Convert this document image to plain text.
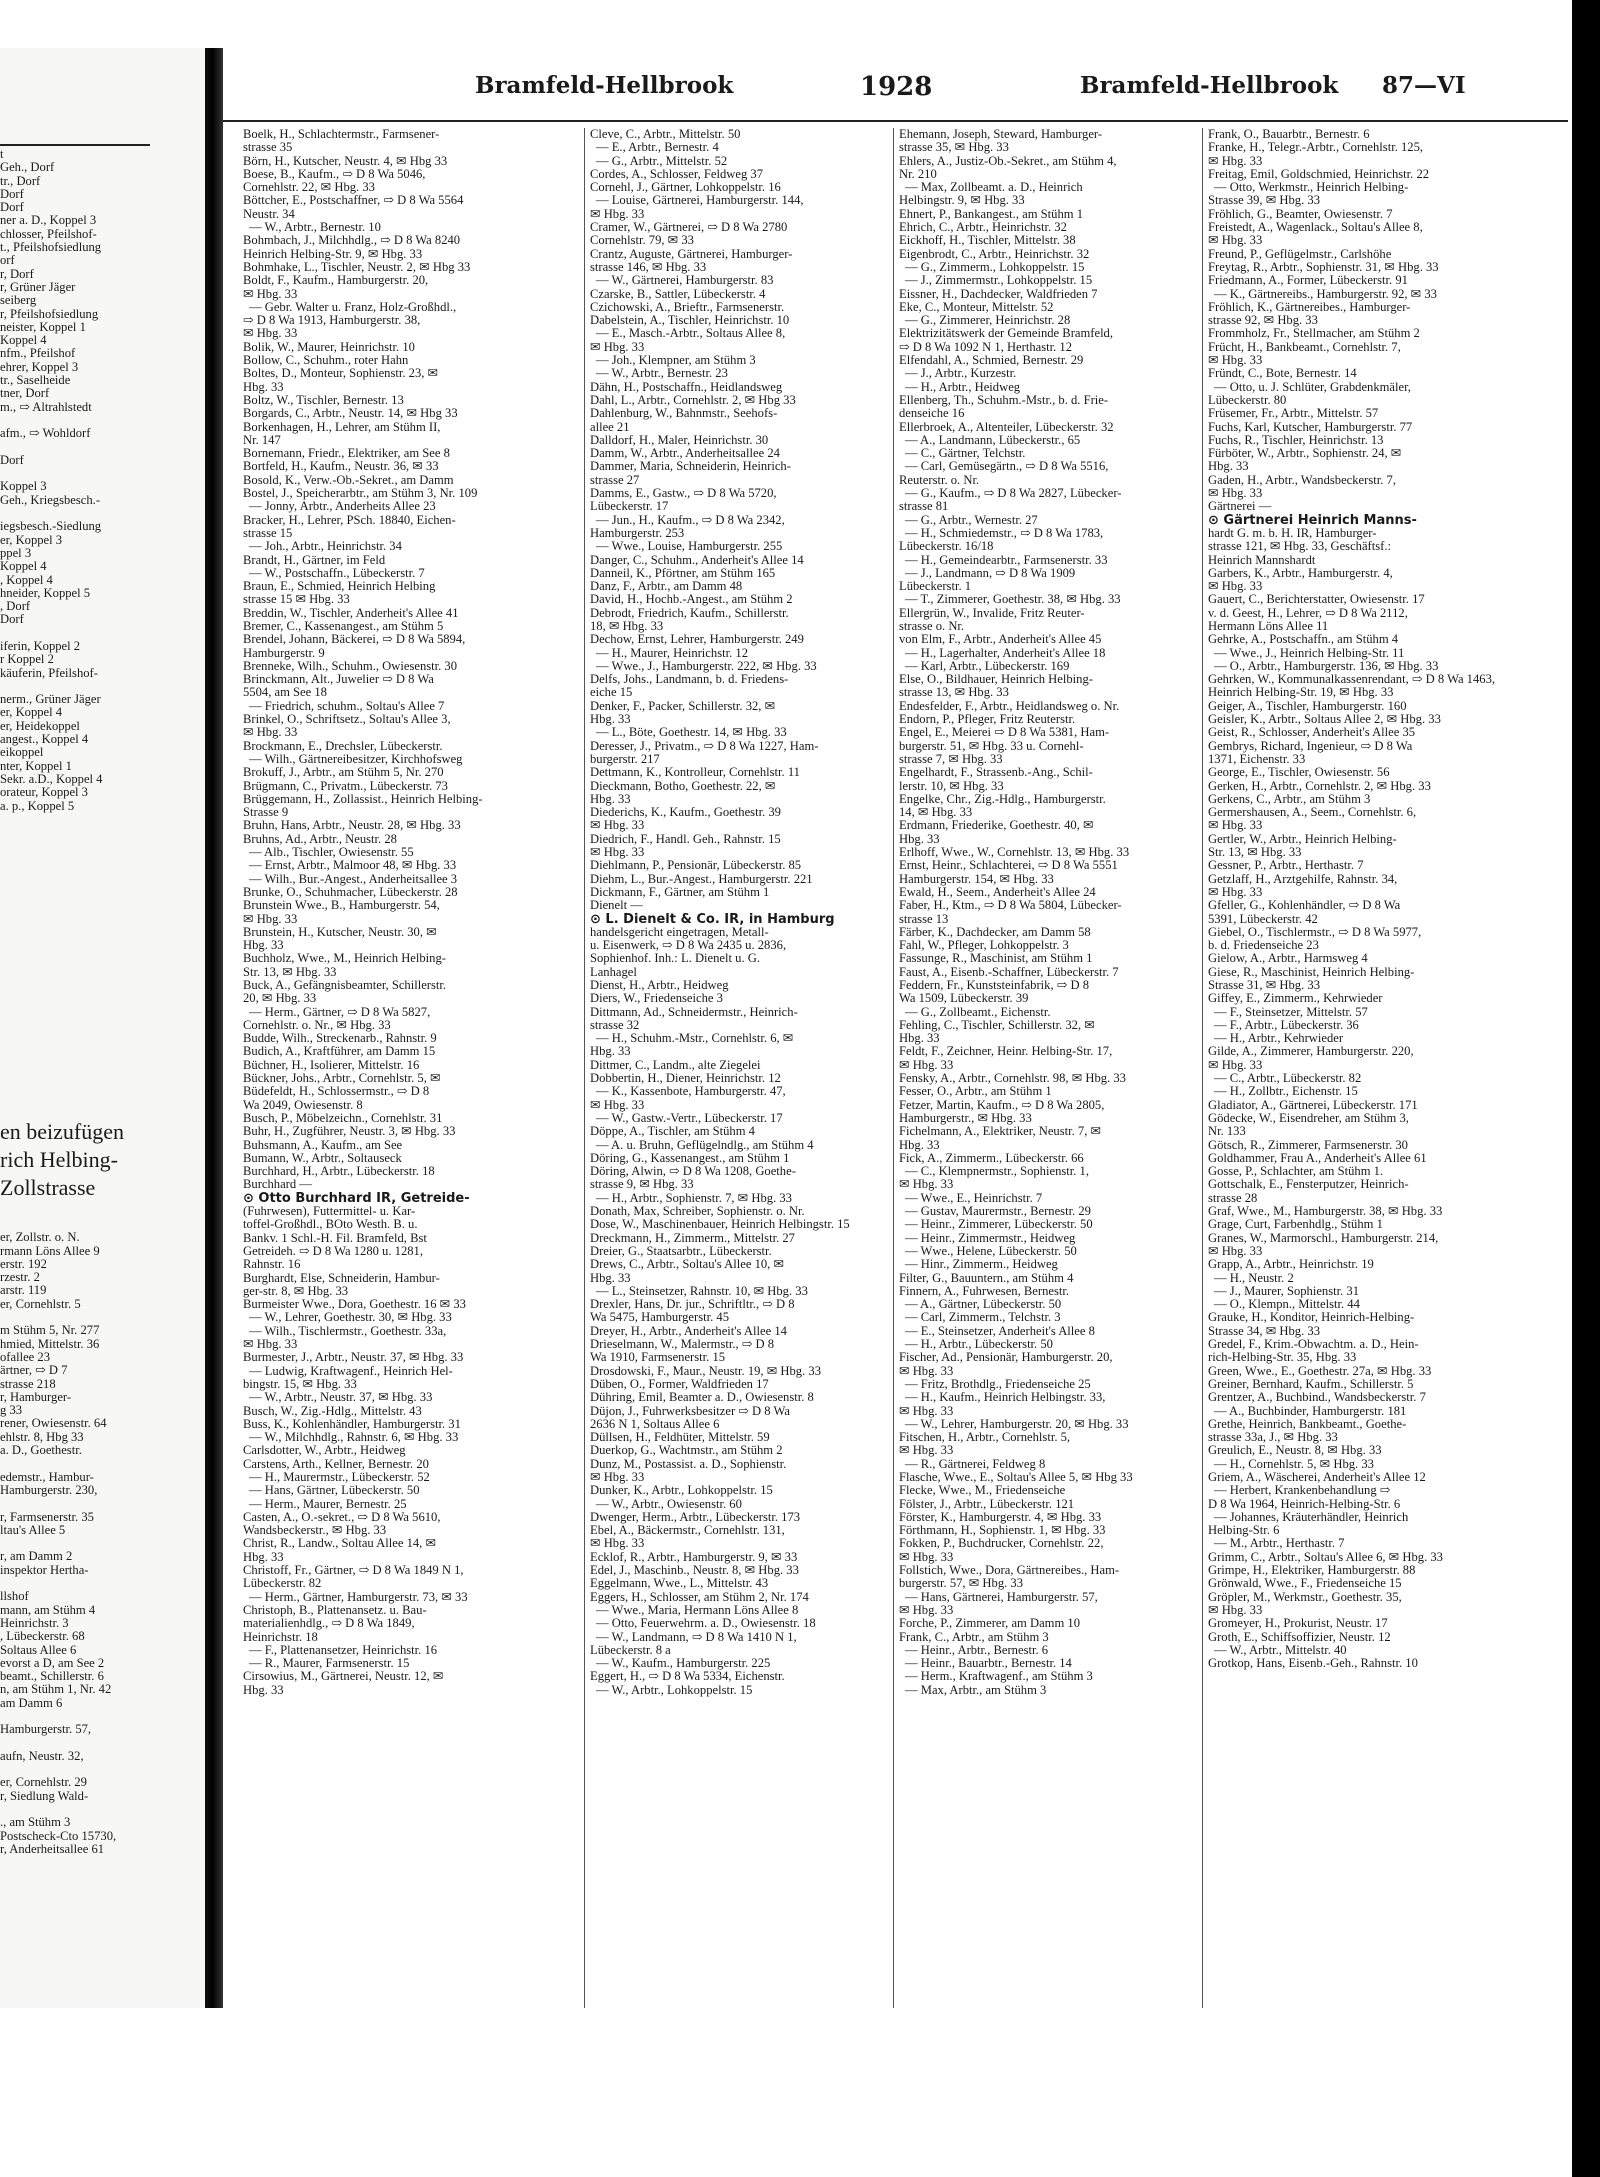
t
Geh., Dorf
tr., Dorf
Dorf
Dorf
ner a. D., Koppel 3
chlosser, Pfeilshof-
t., Pfeilshofsiedlung
orf
r, Dorf
r, Grüner Jäger
seiberg
r, Pfeilshofsiedlung
neister, Koppel 1
Koppel 4
nfm., Pfeilshof
ehrer, Koppel 3
tr., Saselheide
tner, Dorf
m., ⇨ Altrahlstedt

afm., ⇨ Wohldorf

Dorf

Koppel 3
Geh., Kriegsbesch.-

iegsbesch.-Siedlung
er, Koppel 3
ppel 3
Koppel 4
, Koppel 4
hneider, Koppel 5
, Dorf
Dorf

iferin, Koppel 2
r Koppel 2
käuferin, Pfeilshof-

nerm., Grüner Jäger
er, Koppel 4
er, Heidekoppel
angest., Koppel 4
eikoppel
nter, Koppel 1
Sekr. a.D., Koppel 4
orateur, Koppel 3
a. p., Koppel 5
en beizufügen
rich Helbing-
Zollstrasse

er, Zollstr. o. N.
rmann Löns Allee 9
erstr. 192
rzestr. 2
arstr. 119
er, Cornehlstr. 5

m Stühm 5, Nr. 277
hmied, Mittelstr. 36
ofallee 23
ärtner, ⇨ D 7
strasse 218
r, Hamburger-
g 33
rener, Owiesenstr. 64
ehlstr. 8, Hbg 33
a. D., Goethestr.

edemstr., Hambur-
Hamburgerstr. 230,

r, Farmsenerstr. 35
ltau's Allee 5

r, am Damm 2
inspektor Hertha-

llshof
mann, am Stühm 4
Heinrichstr. 3
, Lübeckerstr. 68
Soltaus Allee 6
evorst a D, am See 2
beamt., Schillerstr. 6
n, am Stühm 1, Nr. 42
am Damm 6

Hamburgerstr. 57,

aufn, Neustr. 32,

er, Cornehlstr. 29
r, Siedlung Wald-

., am Stühm 3
Postscheck-Cto 15730,
r, Anderheitsallee 61
Bramfeld-Hellbrook	1928	Bramfeld-Hellbrook 87—VI
Boelk, H., Schlachtermstr., Farmsener-
strasse 35
Börn, H., Kutscher, Neustr. 4, ✉ Hbg 33
Boese, B., Kaufm., ⇨ D 8 Wa 5046,
Cornehlstr. 22, ✉ Hbg. 33
Böttcher, E., Postschaffner, ⇨ D 8 Wa 5564
Neustr. 34
— W., Arbtr., Bernestr. 10
Bohmbach, J., Milchhdlg., ⇨ D 8 Wa 8240
Heinrich Helbing-Str. 9, ✉ Hbg. 33
Bohmhake, L., Tischler, Neustr. 2, ✉ Hbg 33
Boldt, F., Kaufm., Hamburgerstr. 20,
✉ Hbg. 33
— Gebr. Walter u. Franz, Holz-Großhdl.,
⇨ D 8 Wa 1913, Hamburgerstr. 38,
✉ Hbg. 33
Bolik, W., Maurer, Heinrichstr. 10
Bollow, C., Schuhm., roter Hahn
Boltes, D., Monteur, Sophienstr. 23, ✉
Hbg. 33
Boltz, W., Tischler, Bernestr. 13
Borgards, C., Arbtr., Neustr. 14, ✉ Hbg 33
Borkenhagen, H., Lehrer, am Stühm II,
Nr. 147
Bornemann, Friedr., Elektriker, am See 8
Bortfeld, H., Kaufm., Neustr. 36, ✉ 33
Bosold, K., Verw.-Ob.-Sekret., am Damm
Bostel, J., Speicherarbtr., am Stühm 3, Nr. 109
— Jonny, Arbtr., Anderheits Allee 23
Bracker, H., Lehrer, PSch. 18840, Eichen-
strasse 15
— Joh., Arbtr., Heinrichstr. 34
Brandt, H., Gärtner, im Feld
— W., Postschaffn., Lübeckerstr. 7
Braun, E., Schmied, Heinrich Helbing
strasse 15 ✉ Hbg. 33
Breddin, W., Tischler, Anderheit's Allee 41
Bremer, C., Kassenangest., am Stühm 5
Brendel, Johann, Bäckerei, ⇨ D 8 Wa 5894,
Hamburgerstr. 9
Brenneke, Wilh., Schuhm., Owiesenstr. 30
Brinckmann, Alt., Juwelier ⇨ D 8 Wa
5504, am See 18
— Friedrich, schuhm., Soltau's Allee 7
Brinkel, O., Schriftsetz., Soltau's Allee 3,
✉ Hbg. 33
Brockmann, E., Drechsler, Lübeckerstr.
— Wilh., Gärtnereibesitzer, Kirchhofsweg
Brokuff, J., Arbtr., am Stühm 5, Nr. 270
Brügmann, C., Privatm., Lübeckerstr. 73
Brüggemann, H., Zollassist., Heinrich Helbing-
Strasse 9
Bruhn, Hans, Arbtr., Neustr. 28, ✉ Hbg. 33
Bruhns, Ad., Arbtr., Neustr. 28
— Alb., Tischler, Owiesenstr. 55
— Ernst, Arbtr., Malmoor 48, ✉ Hbg. 33
— Wilh., Bur.-Angest., Anderheitsallee 3
Brunke, O., Schuhmacher, Lübeckerstr. 28
Brunstein Wwe., B., Hamburgerstr. 54,
✉ Hbg. 33
Brunstein, H., Kutscher, Neustr. 30, ✉
Hbg. 33
Buchholz, Wwe., M., Heinrich Helbing-
Str. 13, ✉ Hbg. 33
Buck, A., Gefängnisbeamter, Schillerstr.
20, ✉ Hbg. 33
— Herm., Gärtner, ⇨ D 8 Wa 5827,
Cornehlstr. o. Nr., ✉ Hbg. 33
Budde, Wilh., Streckenarb., Rahnstr. 9
Budich, A., Kraftführer, am Damm 15
Büchner, H., Isolierer, Mittelstr. 16
Bückner, Johs., Arbtr., Cornehlstr. 5, ✉
Büdefeldt, H., Schlossermstr., ⇨ D 8
Wa 2049, Owiesenstr. 8
Busch, P., Möbelzeichn., Cornehlstr. 31
Buhr, H., Zugführer, Neustr. 3, ✉ Hbg. 33
Buhsmann, A., Kaufm., am See
Bumann, W., Arbtr., Soltauseck
Burchhard, H., Arbtr., Lübeckerstr. 18
Burchhard —
⊙ Otto Burchhard IR, Getreide-
(Fuhrwesen), Futtermittel- u. Kar-
toffel-Großhdl., BOto Westh. B. u.
Bankv. 1 Schl.-H. Fil. Bramfeld, Bst
Getreideh. ⇨ D 8 Wa 1280 u. 1281,
Rahnstr. 16
Burghardt, Else, Schneiderin, Hambur-
ger-str. 8, ✉ Hbg. 33
Burmeister Wwe., Dora, Goethestr. 16 ✉ 33
— W., Lehrer, Goethestr. 30, ✉ Hbg. 33
— Wilh., Tischlermstr., Goethestr. 33a,
✉ Hbg. 33
Burmester, J., Arbtr., Neustr. 37, ✉ Hbg. 33
— Ludwig, Kraftwagenf., Heinrich Hel-
bingstr. 15, ✉ Hbg. 33
— W., Arbtr., Neustr. 37, ✉ Hbg. 33
Busch, W., Zig.-Hdlg., Mittelstr. 43
Buss, K., Kohlenhändler, Hamburgerstr. 31
— W., Milchhdlg., Rahnstr. 6, ✉ Hbg. 33
Carlsdotter, W., Arbtr., Heidweg
Carstens, Arth., Kellner, Bernestr. 20
— H., Maurermstr., Lübeckerstr. 52
— Hans, Gärtner, Lübeckerstr. 50
— Herm., Maurer, Bernestr. 25
Casten, A., O.-sekret., ⇨ D 8 Wa 5610,
Wandsbeckerstr., ✉ Hbg. 33
Christ, R., Landw., Soltau Allee 14, ✉
Hbg. 33
Christoff, Fr., Gärtner, ⇨ D 8 Wa 1849 N 1,
Lübeckerstr. 82
— Herm., Gärtner, Hamburgerstr. 73, ✉ 33
Christoph, B., Plattenansetz. u. Bau-
materialienhdlg., ⇨ D 8 Wa 1849,
Heinrichstr. 18
— F., Plattenansetzer, Heinrichstr. 16
— R., Maurer, Farmsenerstr. 15
Cirsowius, M., Gärtnerei, Neustr. 12, ✉
Hbg. 33
Cleve, C., Arbtr., Mittelstr. 50
— E., Arbtr., Bernestr. 4
— G., Arbtr., Mittelstr. 52
Cordes, A., Schlosser, Feldweg 37
Cornehl, J., Gärtner, Lohkoppelstr. 16
— Louise, Gärtnerei, Hamburgerstr. 144,
✉ Hbg. 33
Cramer, W., Gärtnerei, ⇨ D 8 Wa 2780
Cornehlstr. 79, ✉ 33
Crantz, Auguste, Gärtnerei, Hamburger-
strasse 146, ✉ Hbg. 33
— W., Gärtnerei, Hamburgerstr. 83
Czarske, B., Sattler, Lübeckerstr. 4
Czichowski, A., Brieftr., Farmsenerstr.
Dabelstein, A., Tischler, Heinrichstr. 10
— E., Masch.-Arbtr., Soltaus Allee 8,
✉ Hbg. 33
— Joh., Klempner, am Stühm 3
— W., Arbtr., Bernestr. 23
Dähn, H., Postschaffn., Heidlandsweg
Dahl, L., Arbtr., Cornehlstr. 2, ✉ Hbg 33
Dahlenburg, W., Bahnmstr., Seehofs-
allee 21
Dalldorf, H., Maler, Heinrichstr. 30
Damm, W., Arbtr., Anderheitsallee 24
Dammer, Maria, Schneiderin, Heinrich-
strasse 27
Damms, E., Gastw., ⇨ D 8 Wa 5720,
Lübeckerstr. 17
— Jun., H., Kaufm., ⇨ D 8 Wa 2342,
Hamburgerstr. 253
— Wwe., Louise, Hamburgerstr. 255
Danger, C., Schuhm., Anderheit's Allee 14
Danneil, K., Pförtner, am Stühm 165
Danz, F., Arbtr., am Damm 48
David, H., Hochb.-Angest., am Stühm 2
Debrodt, Friedrich, Kaufm., Schillerstr.
18, ✉ Hbg. 33
Dechow, Ernst, Lehrer, Hamburgerstr. 249
— H., Maurer, Heinrichstr. 12
— Wwe., J., Hamburgerstr. 222, ✉ Hbg. 33
Delfs, Johs., Landmann, b. d. Friedens-
eiche 15
Denker, F., Packer, Schillerstr. 32, ✉
Hbg. 33
— L., Böte, Goethestr. 14, ✉ Hbg. 33
Deresser, J., Privatm., ⇨ D 8 Wa 1227, Ham-
burgerstr. 217
Dettmann, K., Kontrolleur, Cornehlstr. 11
Dieckmann, Botho, Goethestr. 22, ✉
Hbg. 33
Diederichs, K., Kaufm., Goethestr. 39
✉ Hbg. 33
Diedrich, F., Handl. Geh., Rahnstr. 15
✉ Hbg. 33
Diehlmann, P., Pensionär, Lübeckerstr. 85
Diehm, L., Bur.-Angest., Hamburgerstr. 221
Dickmann, F., Gärtner, am Stühm 1
Dienelt —
⊙ L. Dienelt & Co. IR, in Hamburg
handelsgericht eingetragen, Metall-
u. Eisenwerk, ⇨ D 8 Wa 2435 u. 2836,
Sophienhof. Inh.: L. Dienelt u. G.
Lanhagel
Dienst, H., Arbtr., Heidweg
Diers, W., Friedenseiche 3
Dittmann, Ad., Schneidermstr., Heinrich-
strasse 32
— H., Schuhm.-Mstr., Cornehlstr. 6, ✉
Hbg. 33
Dittmer, C., Landm., alte Ziegelei
Dobbertin, H., Diener, Heinrichstr. 12
— K., Kassenbote, Hamburgerstr. 47,
✉ Hbg. 33
— W., Gastw.-Vertr., Lübeckerstr. 17
Döppe, A., Tischler, am Stühm 4
— A. u. Bruhn, Geflügelndlg., am Stühm 4
Döring, G., Kassenangest., am Stühm 1
Döring, Alwin, ⇨ D 8 Wa 1208, Goethe-
strasse 9, ✉ Hbg. 33
— H., Arbtr., Sophienstr. 7, ✉ Hbg. 33
Donath, Max, Schreiber, Sophienstr. o. Nr.
Dose, W., Maschinenbauer, Heinrich Helbingstr. 15
Dreckmann, H., Zimmerm., Mittelstr. 27
Dreier, G., Staatsarbtr., Lübeckerstr.
Drews, C., Arbtr., Soltau's Allee 10, ✉
Hbg. 33
— L., Steinsetzer, Rahnstr. 10, ✉ Hbg. 33
Drexler, Hans, Dr. jur., Schriftltr., ⇨ D 8
Wa 5475, Hamburgerstr. 45
Dreyer, H., Arbtr., Anderheit's Allee 14
Drieselmann, W., Malermstr., ⇨ D 8
Wa 1910, Farmsenerstr. 15
Drosdowski, F., Maur., Neustr. 19, ✉ Hbg. 33
Düben, O., Former, Waldfrieden 17
Dühring, Emil, Beamter a. D., Owiesenstr. 8
Düjon, J., Fuhrwerksbesitzer ⇨ D 8 Wa
2636 N 1, Soltaus Allee 6
Düllsen, H., Feldhüter, Mittelstr. 59
Duerkop, G., Wachtmstr., am Stühm 2
Dunz, M., Postassist. a. D., Sophienstr.
✉ Hbg. 33
Dunker, K., Arbtr., Lohkoppelstr. 15
— W., Arbtr., Owiesenstr. 60
Dwenger, Herm., Arbtr., Lübeckerstr. 173
Ebel, A., Bäckermstr., Cornehlstr. 131,
✉ Hbg. 33
Ecklof, R., Arbtr., Hamburgerstr. 9, ✉ 33
Edel, J., Maschinb., Neustr. 8, ✉ Hbg. 33
Eggelmann, Wwe., L., Mittelstr. 43
Eggers, H., Schlosser, am Stühm 2, Nr. 174
— Wwe., Maria, Hermann Löns Allee 8
— Otto, Feuerwehrm. a. D., Owiesenstr. 18
— W., Landmann, ⇨ D 8 Wa 1410 N 1,
Lübeckerstr. 8 a
— W., Kaufm., Hamburgerstr. 225
Eggert, H., ⇨ D 8 Wa 5334, Eichenstr.
— W., Arbtr., Lohkoppelstr. 15
Ehemann, Joseph, Steward, Hamburger-
strasse 35, ✉ Hbg. 33
Ehlers, A., Justiz-Ob.-Sekret., am Stühm 4,
Nr. 210
— Max, Zollbeamt. a. D., Heinrich
Helbingstr. 9, ✉ Hbg. 33
Ehnert, P., Bankangest., am Stühm 1
Ehrich, C., Arbtr., Heinrichstr. 32
Eickhoff, H., Tischler, Mittelstr. 38
Eigenbrodt, C., Arbtr., Heinrichstr. 32
— G., Zimmerm., Lohkoppelstr. 15
— J., Zimmermstr., Lohkoppelstr. 15
Eissner, H., Dachdecker, Waldfrieden 7
Eke, C., Monteur, Mittelstr. 52
— G., Zimmerer, Heinrichstr. 28
Elektrizitätswerk der Gemeinde Bramfeld,
⇨ D 8 Wa 1092 N 1, Herthastr. 12
Elfendahl, A., Schmied, Bernestr. 29
— J., Arbtr., Kurzestr.
— H., Arbtr., Heidweg
Ellenberg, Th., Schuhm.-Mstr., b. d. Frie-
denseiche 16
Ellerbroek, A., Altenteiler, Lübeckerstr. 32
— A., Landmann, Lübeckerstr., 65
— C., Gärtner, Telchstr.
— Carl, Gemüsegärtn., ⇨ D 8 Wa 5516,
Reuterstr. o. Nr.
— G., Kaufm., ⇨ D 8 Wa 2827, Lübecker-
strasse 81
— G., Arbtr., Wernestr. 27
— H., Schmiedemstr., ⇨ D 8 Wa 1783,
Lübeckerstr. 16/18
— H., Gemeindearbtr., Farmsenerstr. 33
— J., Landmann, ⇨ D 8 Wa 1909
Lübeckerstr. 1
— T., Zimmerer, Goethestr. 38, ✉ Hbg. 33
Ellergrün, W., Invalide, Fritz Reuter-
strasse o. Nr.
von Elm, F., Arbtr., Anderheit's Allee 45
— H., Lagerhalter, Anderheit's Allee 18
— Karl, Arbtr., Lübeckerstr. 169
Else, O., Bildhauer, Heinrich Helbing-
strasse 13, ✉ Hbg. 33
Endesfelder, F., Arbtr., Heidlandsweg o. Nr.
Endorn, P., Pfleger, Fritz Reuterstr.
Engel, E., Meierei ⇨ D 8 Wa 5381, Ham-
burgerstr. 51, ✉ Hbg. 33 u. Cornehl-
strasse 7, ✉ Hbg. 33
Engelhardt, F., Strassenb.-Ang., Schil-
lerstr. 10, ✉ Hbg. 33
Engelke, Chr., Zig.-Hdlg., Hamburgerstr.
14, ✉ Hbg. 33
Erdmann, Friederike, Goethestr. 40, ✉
Hbg. 33
Erlhoff, Wwe., W., Cornehlstr. 13, ✉ Hbg. 33
Ernst, Heinr., Schlachterei, ⇨ D 8 Wa 5551
Hamburgerstr. 154, ✉ Hbg. 33
Ewald, H., Seem., Anderheit's Allee 24
Faber, H., Ktm., ⇨ D 8 Wa 5804, Lübecker-
strasse 13
Färber, K., Dachdecker, am Damm 58
Fahl, W., Pfleger, Lohkoppelstr. 3
Fassunge, R., Maschinist, am Stühm 1
Faust, A., Eisenb.-Schaffner, Lübeckerstr. 7
Feddern, Fr., Kunststeinfabrik, ⇨ D 8
Wa 1509, Lübeckerstr. 39
— G., Zollbeamt., Eichenstr.
Fehling, C., Tischler, Schillerstr. 32, ✉
Hbg. 33
Feldt, F., Zeichner, Heinr. Helbing-Str. 17,
✉ Hbg. 33
Fensky, A., Arbtr., Cornehlstr. 98, ✉ Hbg. 33
Fesser, O., Arbtr., am Stühm 1
Fetzer, Martin, Kaufm., ⇨ D 8 Wa 2805,
Hamburgerstr., ✉ Hbg. 33
Fichelmann, A., Elektriker, Neustr. 7, ✉
Hbg. 33
Fick, A., Zimmerm., Lübeckerstr. 66
— C., Klempnermstr., Sophienstr. 1,
✉ Hbg. 33
— Wwe., E., Heinrichstr. 7
— Gustav, Maurermstr., Bernestr. 29
— Heinr., Zimmerer, Lübeckerstr. 50
— Heinr., Zimmermstr., Heidweg
— Wwe., Helene, Lübeckerstr. 50
— Hinr., Zimmerm., Heidweg
Filter, G., Bauuntern., am Stühm 4
Finnern, A., Fuhrwesen, Bernestr.
— A., Gärtner, Lübeckerstr. 50
— Carl, Zimmerm., Telchstr. 3
— E., Steinsetzer, Anderheit's Allee 8
— H., Arbtr., Lübeckerstr. 50
Fischer, Ad., Pensionär, Hamburgerstr. 20,
✉ Hbg. 33
— Fritz, Brothdlg., Friedenseiche 25
— H., Kaufm., Heinrich Helbingstr. 33,
✉ Hbg. 33
— W., Lehrer, Hamburgerstr. 20, ✉ Hbg. 33
Fitschen, H., Arbtr., Cornehlstr. 5,
✉ Hbg. 33
— R., Gärtnerei, Feldweg 8
Flasche, Wwe., E., Soltau's Allee 5, ✉ Hbg 33
Flecke, Wwe., M., Friedenseiche
Fölster, J., Arbtr., Lübeckerstr. 121
Förster, K., Hamburgerstr. 4, ✉ Hbg. 33
Förthmann, H., Sophienstr. 1, ✉ Hbg. 33
Fokken, P., Buchdrucker, Cornehlstr. 22,
✉ Hbg. 33
Follstich, Wwe., Dora, Gärtnereibes., Ham-
burgerstr. 57, ✉ Hbg. 33
— Hans, Gärtnerei, Hamburgerstr. 57,
✉ Hbg. 33
Forche, P., Zimmerer, am Damm 10
Frank, C., Arbtr., am Stühm 3
— Heinr., Arbtr., Bernestr. 6
— Heinr., Bauarbtr., Bernestr. 14
— Herm., Kraftwagenf., am Stühm 3
— Max, Arbtr., am Stühm 3
Frank, O., Bauarbtr., Bernestr. 6
Franke, H., Telegr.-Arbtr., Cornehlstr. 125,
✉ Hbg. 33
Freitag, Emil, Goldschmied, Heinrichstr. 22
— Otto, Werkmstr., Heinrich Helbing-
Strasse 39, ✉ Hbg. 33
Fröhlich, G., Beamter, Owiesenstr. 7
Freistedt, A., Wagenlack., Soltau's Allee 8,
✉ Hbg. 33
Freund, P., Geflügelmstr., Carlshöhe
Freytag, R., Arbtr., Sophienstr. 31, ✉ Hbg. 33
Friedmann, A., Former, Lübeckerstr. 91
— K., Gärtnereibs., Hamburgerstr. 92, ✉ 33
Fröhlich, K., Gärtnereibes., Hamburger-
strasse 92, ✉ Hbg. 33
Frommholz, Fr., Stellmacher, am Stühm 2
Frücht, H., Bankbeamt., Cornehlstr. 7,
✉ Hbg. 33
Fründt, C., Bote, Bernestr. 14
— Otto, u. J. Schlüter, Grabdenkmäler,
Lübeckerstr. 80
Früsemer, Fr., Arbtr., Mittelstr. 57
Fuchs, Karl, Kutscher, Hamburgerstr. 77
Fuchs, R., Tischler, Heinrichstr. 13
Fürböter, W., Arbtr., Sophienstr. 24, ✉
Hbg. 33
Gaden, H., Arbtr., Wandsbeckerstr. 7,
✉ Hbg. 33
Gärtnerei —
⊙ Gärtnerei Heinrich Manns-
hardt G. m. b. H. IR, Hamburger-
strasse 121, ✉ Hbg. 33, Geschäftsf.:
Heinrich Mannshardt
Garbers, K., Arbtr., Hamburgerstr. 4,
✉ Hbg. 33
Gauert, C., Berichterstatter, Owiesenstr. 17
v. d. Geest, H., Lehrer, ⇨ D 8 Wa 2112,
Hermann Löns Allee 11
Gehrke, A., Postschaffn., am Stühm 4
— Wwe., J., Heinrich Helbing-Str. 11
— O., Arbtr., Hamburgerstr. 136, ✉ Hbg. 33
Gehrken, W., Kommunalkassenrendant, ⇨ D 8 Wa 1463,
Heinrich Helbing-Str. 19, ✉ Hbg. 33
Geiger, A., Tischler, Hamburgerstr. 160
Geisler, K., Arbtr., Soltaus Allee 2, ✉ Hbg. 33
Geist, R., Schlosser, Anderheit's Allee 35
Gembrys, Richard, Ingenieur, ⇨ D 8 Wa
1371, Eichenstr. 33
George, E., Tischler, Owiesenstr. 56
Gerken, H., Arbtr., Cornehlstr. 2, ✉ Hbg. 33
Gerkens, C., Arbtr., am Stühm 3
Germershausen, A., Seem., Cornehlstr. 6,
✉ Hbg. 33
Gertler, W., Arbtr., Heinrich Helbing-
Str. 13, ✉ Hbg. 33
Gessner, P., Arbtr., Herthastr. 7
Getzlaff, H., Arztgehilfe, Rahnstr. 34,
✉ Hbg. 33
Gfeller, G., Kohlenhändler, ⇨ D 8 Wa
5391, Lübeckerstr. 42
Giebel, O., Tischlermstr., ⇨ D 8 Wa 5977,
b. d. Friedenseiche 23
Gielow, A., Arbtr., Harmsweg 4
Giese, R., Maschinist, Heinrich Helbing-
Strasse 31, ✉ Hbg. 33
Giffey, E., Zimmerm., Kehrwieder
— F., Steinsetzer, Mittelstr. 57
— F., Arbtr., Lübeckerstr. 36
— H., Arbtr., Kehrwieder
Gilde, A., Zimmerer, Hamburgerstr. 220,
✉ Hbg. 33
— C., Arbtr., Lübeckerstr. 82
— H., Zollbtr., Eichenstr. 15
Gladiator, A., Gärtnerei, Lübeckerstr. 171
Gödecke, W., Eisendreher, am Stühm 3,
Nr. 133
Götsch, R., Zimmerer, Farmsenerstr. 30
Goldhammer, Frau A., Anderheit's Allee 61
Gosse, P., Schlachter, am Stühm 1.
Gottschalk, E., Fensterputzer, Heinrich-
strasse 28
Graf, Wwe., M., Hamburgerstr. 38, ✉ Hbg. 33
Grage, Curt, Farbenhdlg., Stühm 1
Granes, W., Marmorschl., Hamburgerstr. 214,
✉ Hbg. 33
Grapp, A., Arbtr., Heinrichstr. 19
— H., Neustr. 2
— J., Maurer, Sophienstr. 31
— O., Klempn., Mittelstr. 44
Grauke, H., Konditor, Heinrich-Helbing-
Strasse 34, ✉ Hbg. 33
Gredel, F., Krim.-Obwachtm. a. D., Hein-
rich-Helbing-Str. 35, Hbg. 33
Green, Wwe., E., Goethestr. 27a, ✉ Hbg. 33
Greiner, Bernhard, Kaufm., Schillerstr. 5
Grentzer, A., Buchbind., Wandsbeckerstr. 7
— A., Buchbinder, Hamburgerstr. 181
Grethe, Heinrich, Bankbeamt., Goethe-
strasse 33a, J., ✉ Hbg. 33
Greulich, E., Neustr. 8, ✉ Hbg. 33
— H., Cornehlstr. 5, ✉ Hbg. 33
Griem, A., Wäscherei, Anderheit's Allee 12
— Herbert, Krankenbehandlung ⇨
D 8 Wa 1964, Heinrich-Helbing-Str. 6
— Johannes, Kräuterhändler, Heinrich
Helbing-Str. 6
— M., Arbtr., Herthastr. 7
Grimm, C., Arbtr., Soltau's Allee 6, ✉ Hbg. 33
Grimpe, H., Elektriker, Hamburgerstr. 88
Grönwald, Wwe., F., Friedenseiche 15
Gröpler, M., Werkmstr., Goethestr. 35,
✉ Hbg. 33
Gromeyer, H., Prokurist, Neustr. 17
Groth, E., Schiffsoffizier, Neustr. 12
— W., Arbtr., Mittelstr. 40
Grotkop, Hans, Eisenb.-Geh., Rahnstr. 10
